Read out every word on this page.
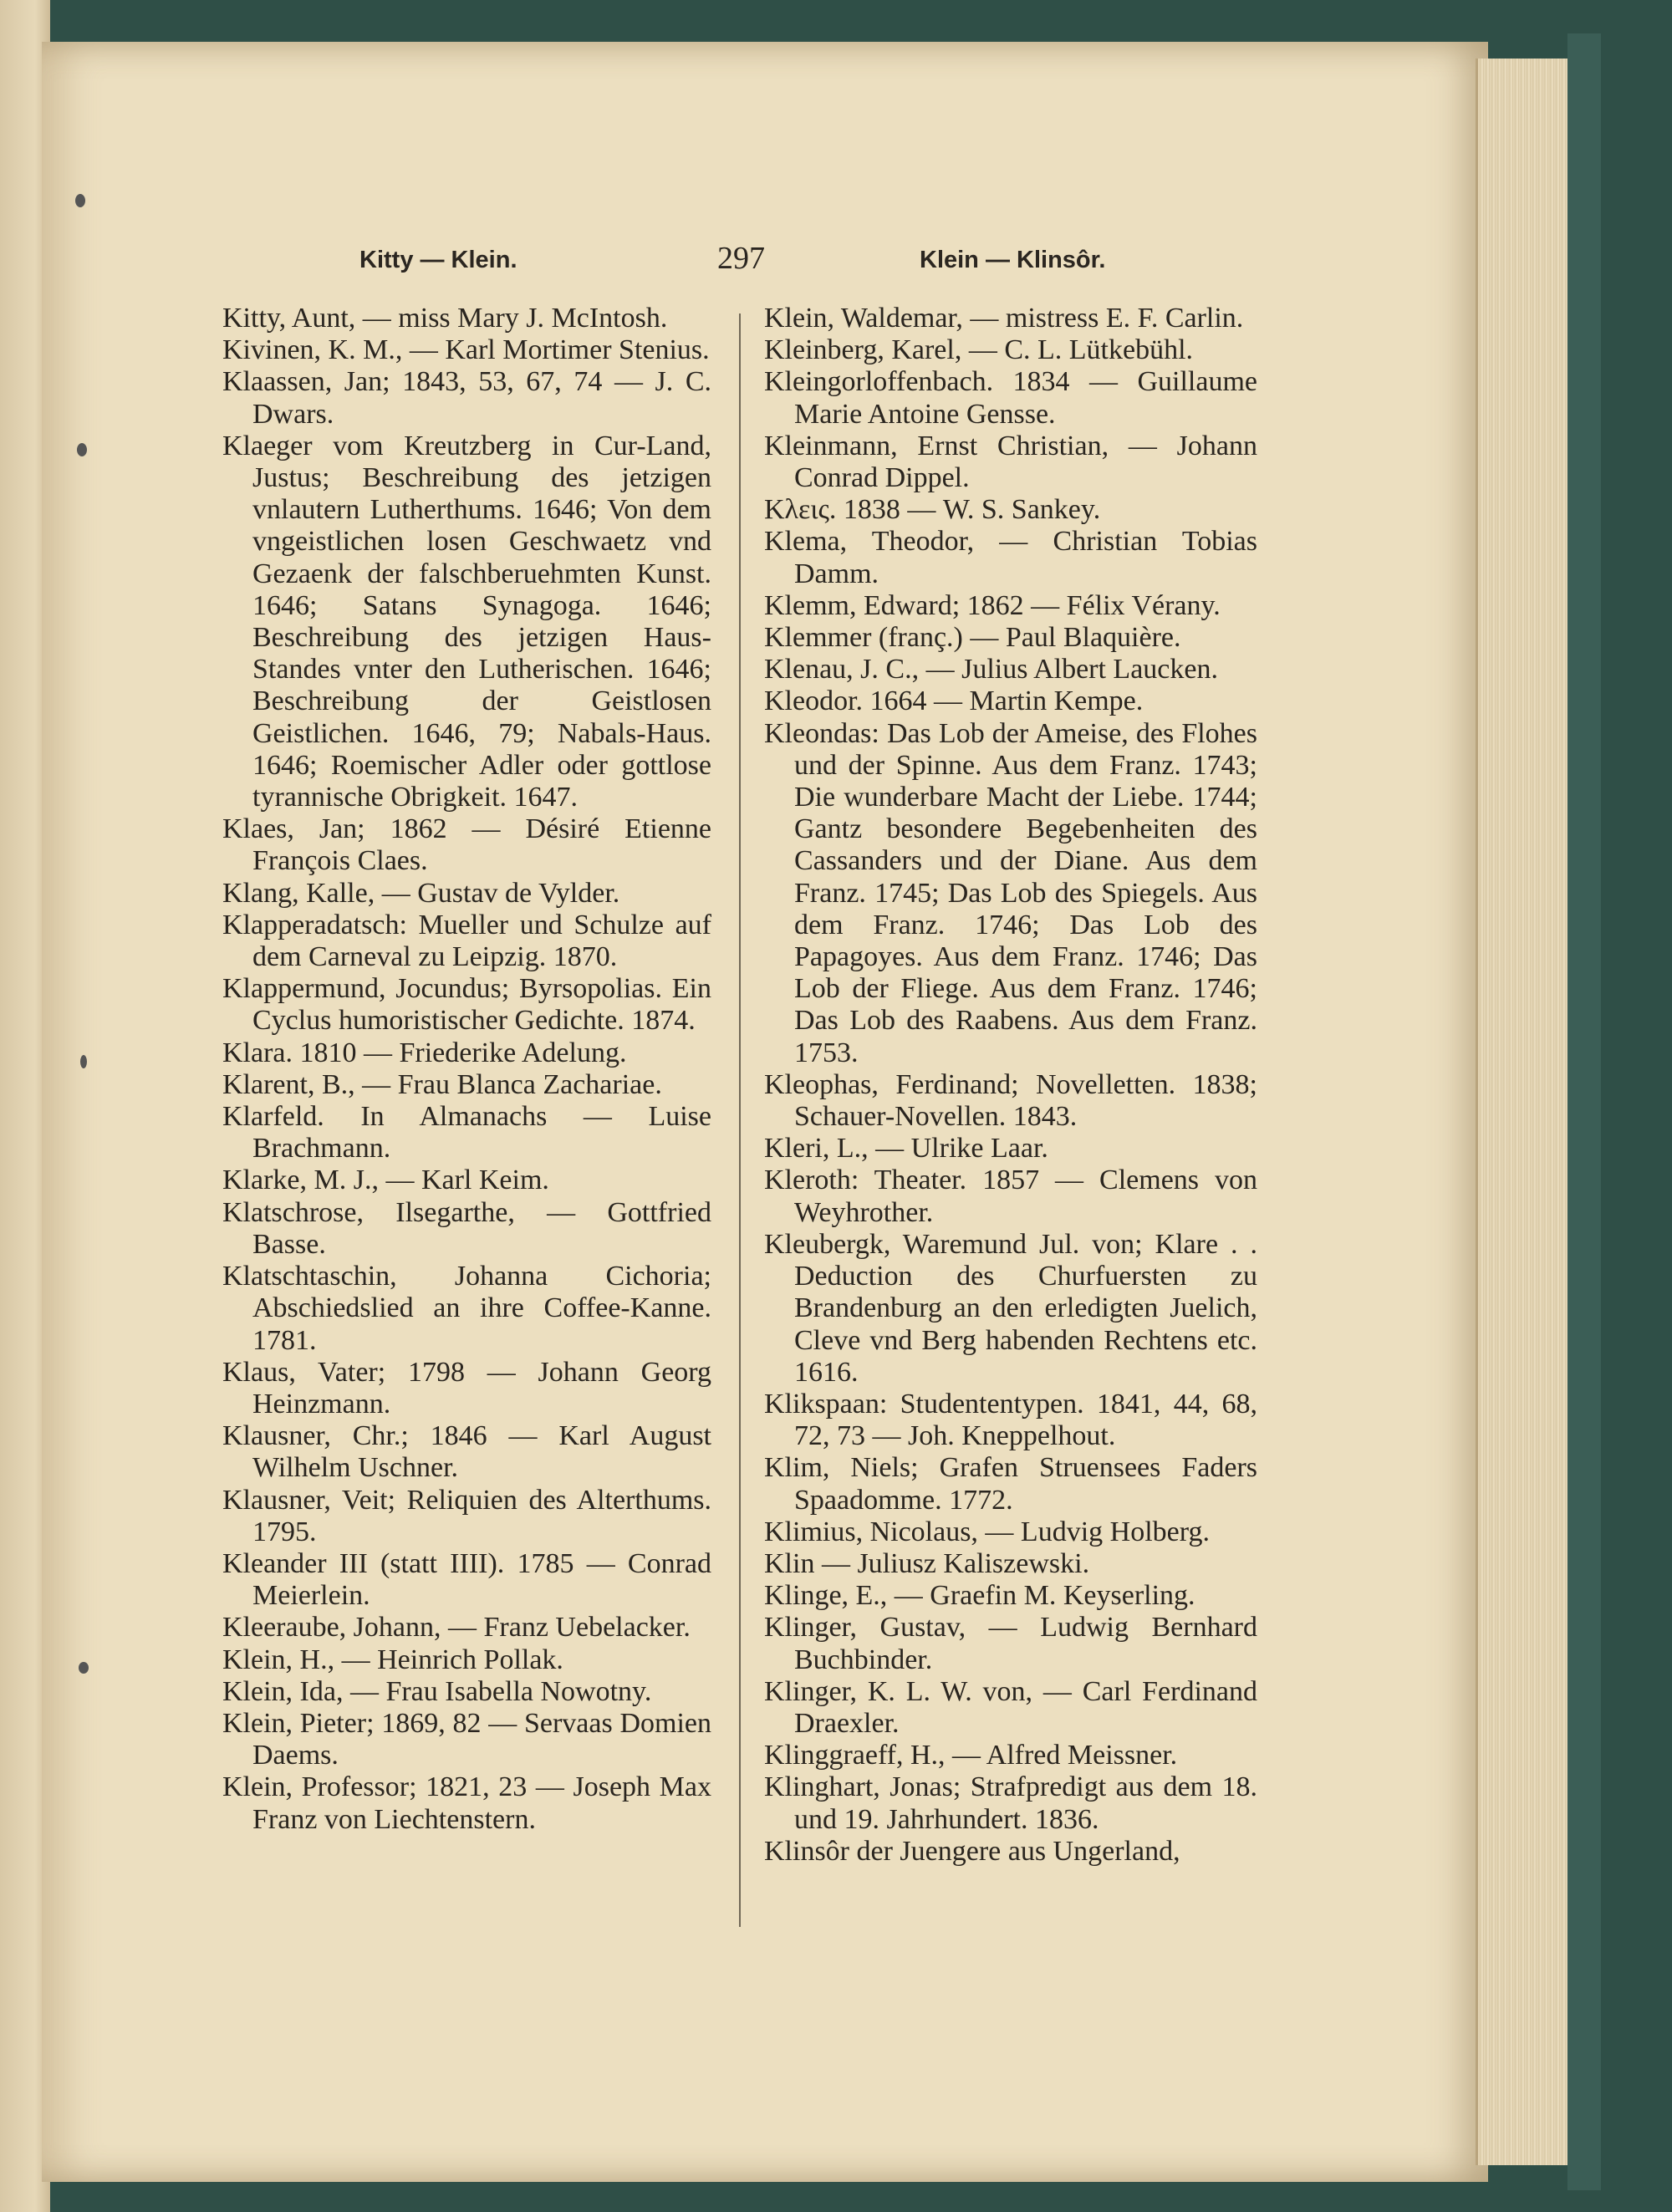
Kitty — Klein.	297	Klein — Klinsôr.

Kitty, Aunt, — miss Mary J. McIntosh.

Kivinen, K. M., — Karl Mortimer Stenius.

Klaassen, Jan; 1843, 53, 67, 74 — J. C. Dwars.

Klaeger vom Kreutzberg in Cur-Land, Justus; Beschreibung des jetzigen vnlautern Lutherthums. 1646; Von dem vngeistlichen losen Geschwaetz vnd Gezaenk der falschberuehmten Kunst. 1646; Satans Synagoga. 1646; Beschreibung des jetzigen Haus-Standes vnter den Lutherischen. 1646; Beschreibung der Geistlosen Geistlichen. 1646, 79; Nabals-Haus. 1646; Roemischer Adler oder gottlose tyrannische Obrigkeit. 1647.

Klaes, Jan; 1862 — Désiré Etienne François Claes.

Klang, Kalle, — Gustav de Vylder.

Klapperadatsch: Mueller und Schulze auf dem Carneval zu Leipzig. 1870.

Klappermund, Jocundus; Byrsopolias. Ein Cyclus humoristischer Gedichte. 1874.

Klara. 1810 — Friederike Adelung.

Klarent, B., — Frau Blanca Zachariae.

Klarfeld. In Almanachs — Luise Brachmann.

Klarke, M. J., — Karl Keim.

Klatschrose, Ilsegarthe, — Gottfried Basse.

Klatschtaschin, Johanna Cichoria; Abschiedslied an ihre Coffee-Kanne. 1781.

Klaus, Vater; 1798 — Johann Georg Heinzmann.

Klausner, Chr.; 1846 — Karl August Wilhelm Uschner.

Klausner, Veit; Reliquien des Alterthums. 1795.

Kleander III (statt IIII). 1785 — Conrad Meierlein.

Kleeraube, Johann, — Franz Uebelacker.

Klein, H., — Heinrich Pollak.

Klein, Ida, — Frau Isabella Nowotny.

Klein, Pieter; 1869, 82 — Servaas Domien Daems.

Klein, Professor; 1821, 23 — Joseph Max Franz von Liechtenstern.

Klein, Waldemar, — mistress E. F. Carlin.

Kleinberg, Karel, — C. L. Lütkebühl.

Kleingorloffenbach. 1834 — Guillaume Marie Antoine Gensse.

Kleinmann, Ernst Christian, — Johann Conrad Dippel.

Κλεις. 1838 — W. S. Sankey.

Klema, Theodor, — Christian Tobias Damm.

Klemm, Edward; 1862 — Félix Vérany.

Klemmer (franç.) — Paul Blaquière.

Klenau, J. C., — Julius Albert Laucken.

Kleodor. 1664 — Martin Kempe.

Kleondas: Das Lob der Ameise, des Flohes und der Spinne. Aus dem Franz. 1743; Die wunderbare Macht der Liebe. 1744; Gantz besondere Begebenheiten des Cassanders und der Diane. Aus dem Franz. 1745; Das Lob des Spiegels. Aus dem Franz. 1746; Das Lob des Papagoyes. Aus dem Franz. 1746; Das Lob der Fliege. Aus dem Franz. 1746; Das Lob des Raabens. Aus dem Franz. 1753.

Kleophas, Ferdinand; Novelletten. 1838; Schauer-Novellen. 1843.

Kleri, L., — Ulrike Laar.

Kleroth: Theater. 1857 — Clemens von Weyhrother.

Kleubergk, Waremund Jul. von; Klare . . Deduction des Churfuersten zu Brandenburg an den erledigten Juelich, Cleve vnd Berg habenden Rechtens etc. 1616.

Klikspaan: Studententypen. 1841, 44, 68, 72, 73 — Joh. Kneppelhout.

Klim, Niels; Grafen Struensees Faders Spaadomme. 1772.

Klimius, Nicolaus, — Ludvig Holberg.

Klin — Juliusz Kaliszewski.

Klinge, E., — Graefin M. Keyserling.

Klinger, Gustav, — Ludwig Bernhard Buchbinder.

Klinger, K. L. W. von, — Carl Ferdinand Draexler.

Klinggraeff, H., — Alfred Meissner.

Klinghart, Jonas; Strafpredigt aus dem 18. und 19. Jahrhundert. 1836.

Klinsôr der Juengere aus Ungerland,
